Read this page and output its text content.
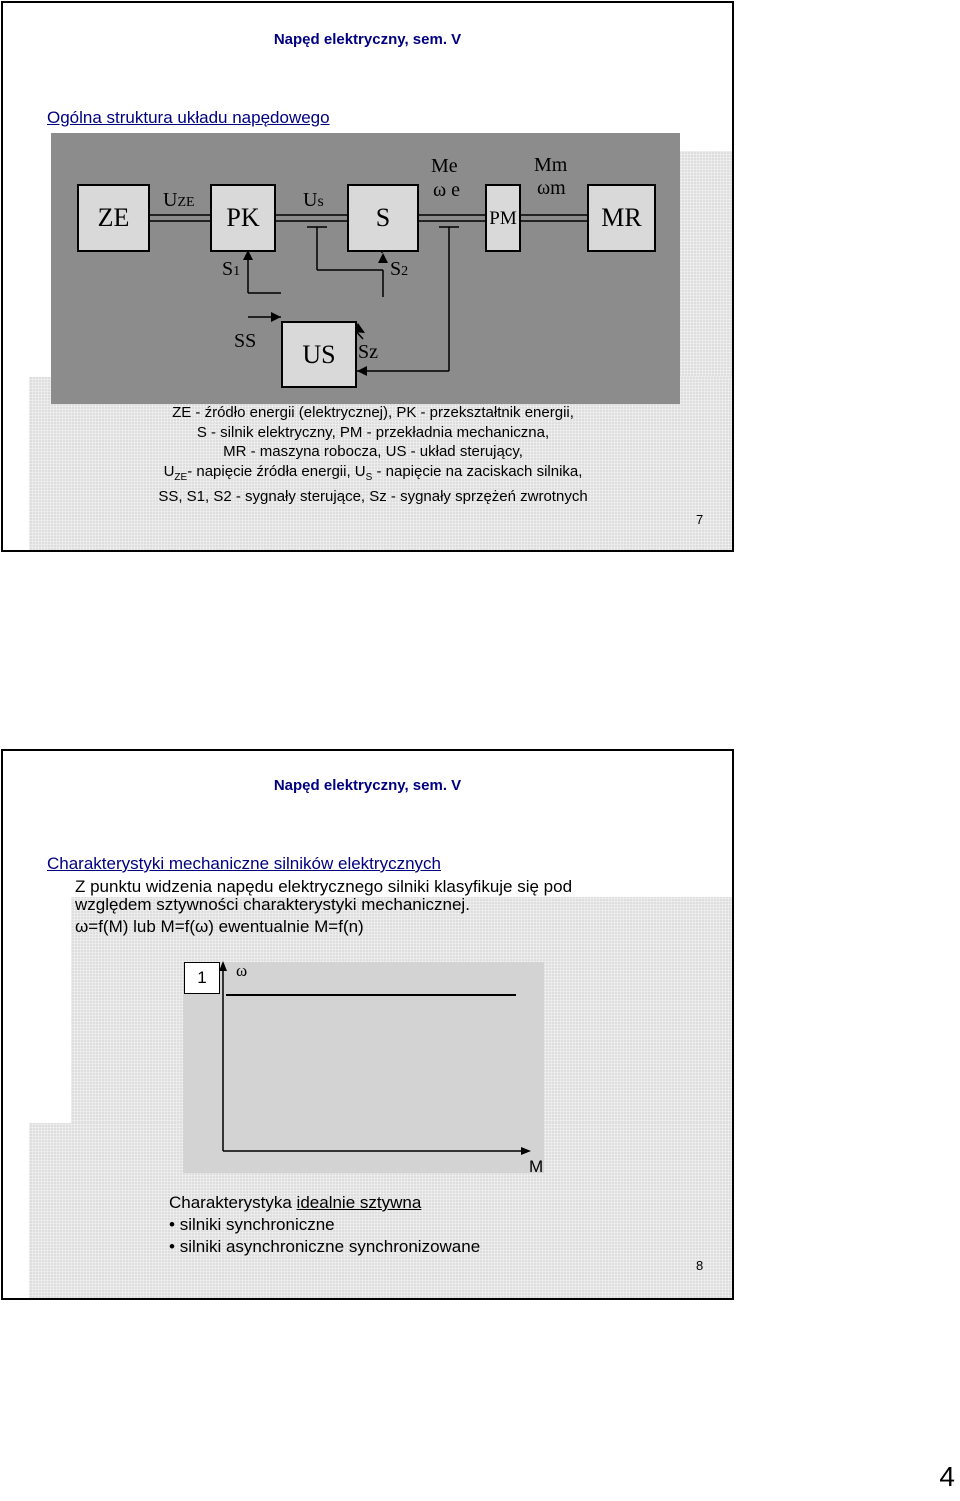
Napęd elektryczny, sem. V
Ogólna struktura układu napędowego
ZE	PK	S	PM	MR
US
UZE	Us
Me
ω e
Mm
ωm
S1	S2
SS	Sz
ZE - źródło energii (elektrycznej), PK - przekształtnik energii,
S - silnik elektryczny, PM - przekładnia mechaniczna,
MR - maszyna robocza, US - układ sterujący,
$U_{ZE}-$ napięcie źródła energii, $U_S$ - napięcie na zaciskach silnika,
SS, S1, S2 - sygnały sterujące, Sz - sygnały sprzężeń zwrotnych
7
Napęd elektryczny, sem. V
Charakterystyki mechaniczne silników elektrycznych
Z punktu widzenia napędu elektrycznego silniki klasyfikuje się pod
względem sztywności charakterystyki mechanicznej.
ω=f(M) lub M=f(ω) ewentualnie M=f(n)
1 ω
M
Charakterystyka idealnie sztywna
• silniki synchroniczne
• silniki asynchroniczne synchronizowane
8
4
